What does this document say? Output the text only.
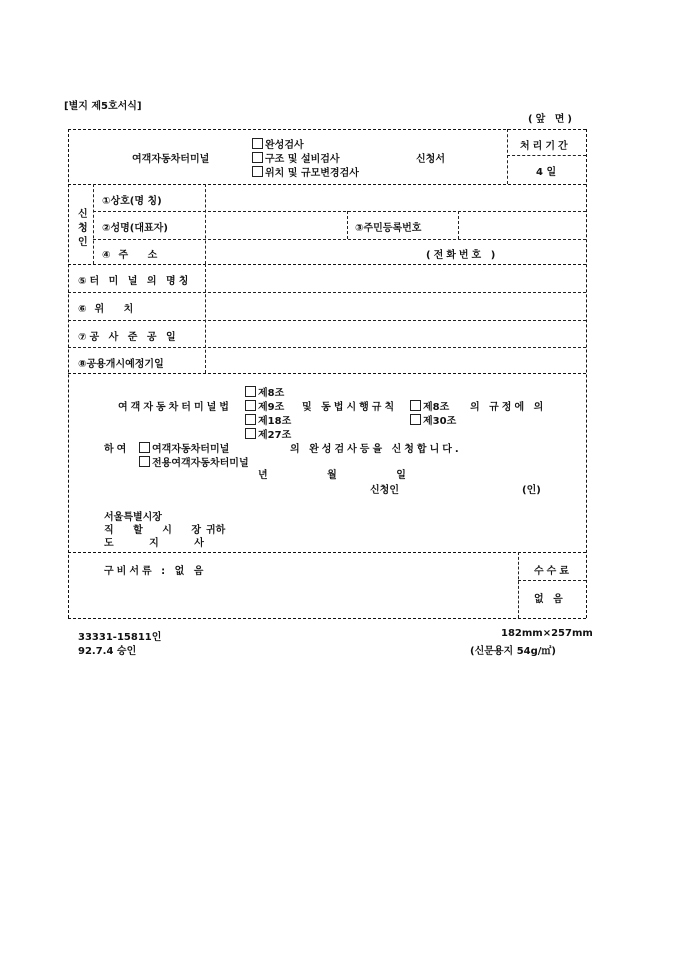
[별지 제5호서식]
(앞 면)
여객자동차터미널
완성검사
구조 및 설비검사
위치 및 규모변경검사
신청서
처리기간
4 일
신
청
인
①상호(명 칭)
②성명(대표자)	③주민등록번호
④주 소	(전화번호 )
⑤터 미 널 의 명칭
⑥위 치
⑦공 사 준 공 일
⑧공용개시예정기일
제8조
여객자동차터미널법	제9조 및 동법시행규칙	제8조 의 규정에 의
제18조	제30조
제27조
하여	여객자동차터미널	의 완성검사등을 신청합니다.
전용여객자동차터미널
년 월 일
신청인	(인)
서울특별시장
직 할 시 장
귀하
도 지 사
구비서류 : 없 음	수수료
없 음
33331-15811인
92.7.4 승인
182mm×257mm
(신문용지 54g/㎡)
